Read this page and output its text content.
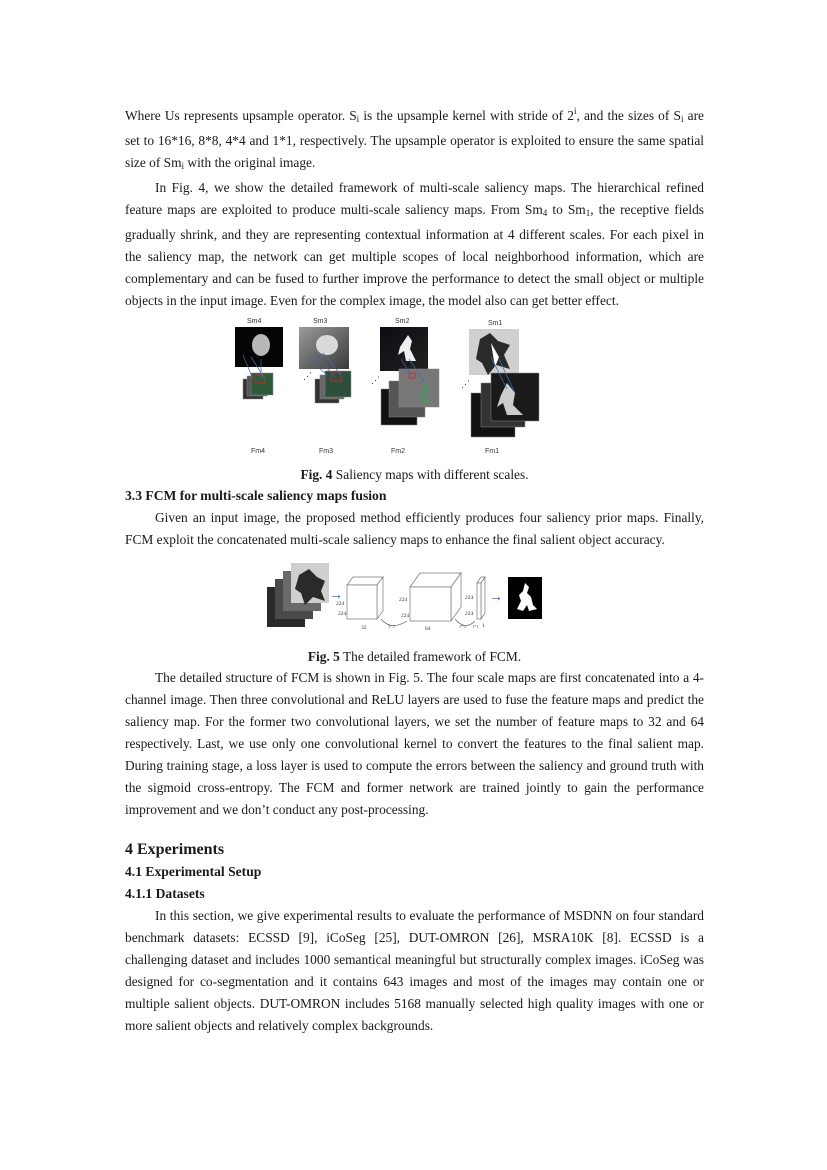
Where Us represents upsample operator. Si is the upsample kernel with stride of 2$^i$, and the sizes of Si are set to 16*16, 8*8, 4*4 and 1*1, respectively. The upsample operator is exploited to ensure the same spatial size of Smi with the original image.

In Fig. 4, we show the detailed framework of multi-scale saliency maps. The hierarchical refined feature maps are exploited to produce multi-scale saliency maps. From Sm4 to Sm1, the receptive fields gradually shrink, and they are representing contextual information at 4 different scales. For each pixel in the saliency map, the network can get multiple scopes of local neighborhood information, which are complementary and can be fused to further improve the performance to detect the small object or multiple objects in the input image. Even for the complex image, the model also can get better effect.

Sm4	Sm3	Sm2	Sm1
⋰	⋰	⋰
Fm4	Fm3	Fm2	Fm1

Fig. 4 Saliency maps with different scales.

3.3 FCM for multi-scale saliency maps fusion

Given an input image, the proposed method efficiently produces four saliency prior maps. Finally, FCM exploit the concatenated multi-scale saliency maps to enhance the final salient object accuracy.

→
224
224
32
224
224
64
224
224
1
3*3	3*3 1*1
→

Fig. 5 The detailed framework of FCM.

The detailed structure of FCM is shown in Fig. 5. The four scale maps are first concatenated into a 4-channel image. Then three convolutional and ReLU layers are used to fuse the feature maps and predict the saliency map. For the former two convolutional layers, we set the number of feature maps to 32 and 64 respectively. Last, we use only one convolutional kernel to convert the features to the final salient map. During training stage, a loss layer is used to compute the errors between the saliency and ground truth with the sigmoid cross-entropy. The FCM and former network are trained jointly to gain the performance improvement and we don’t conduct any post-processing.

4 Experiments
4.1 Experimental Setup
4.1.1 Datasets

In this section, we give experimental results to evaluate the performance of MSDNN on four standard benchmark datasets: ECSSD [9], iCoSeg [25], DUT-OMRON [26], MSRA10K [8]. ECSSD is a challenging dataset and includes 1000 semantical meaningful but structurally complex images. iCoSeg was designed for co-segmentation and it contains 643 images and most of the images may contain one or multiple salient objects. DUT-OMRON includes 5168 manually selected high quality images with one or more salient objects and relatively complex backgrounds.
